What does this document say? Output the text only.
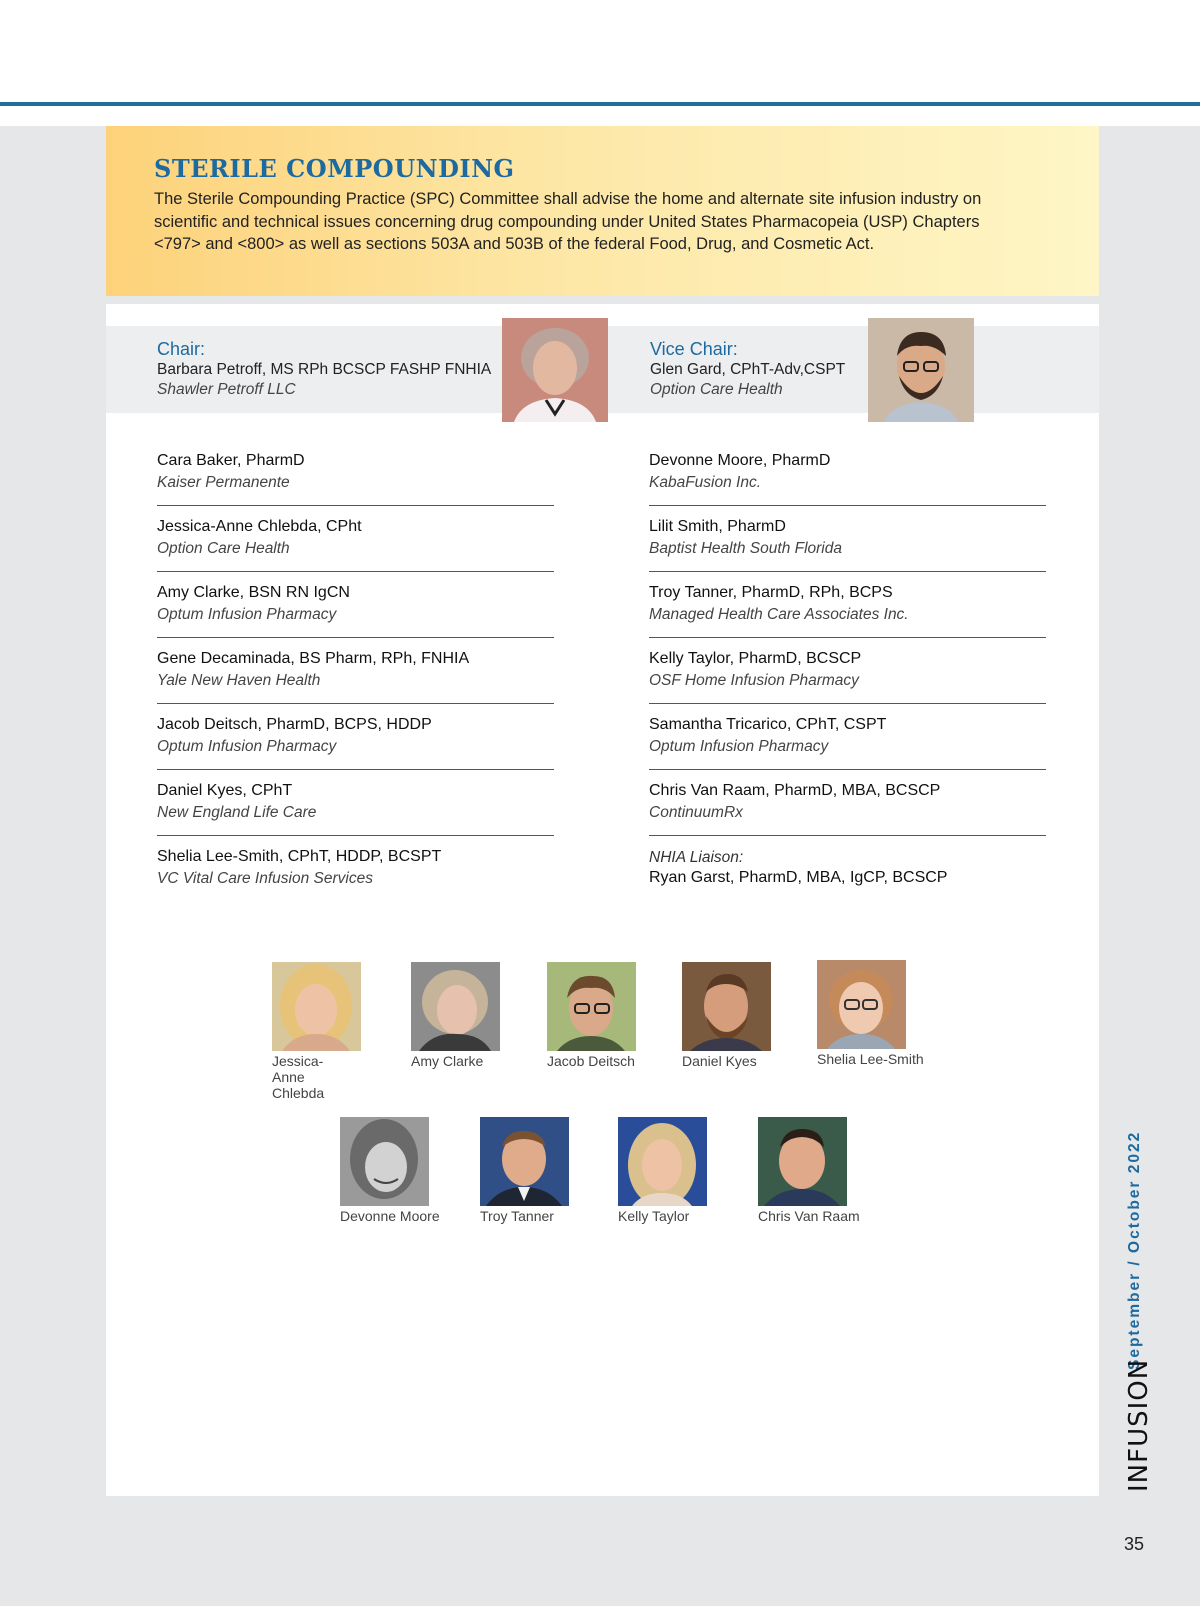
STERILE COMPOUNDING

The Sterile Compounding Practice (SPC) Committee shall advise the home and alternate site infusion industry on scientific and technical issues concerning drug compounding under United States Pharmacopeia (USP) Chapters <797> and <800> as well as sections 503A and 503B of the federal Food, Drug, and Cosmetic Act.

Chair:

Barbara Petroff, MS RPh BCSCP FASHP FNHIA

Shawler Petroff LLC

Vice Chair:

Glen Gard, CPhT-Adv,CSPT

Option Care Health

Cara Baker, PharmD

Kaiser Permanente

Jessica-Anne Chlebda, CPht

Option Care Health

Amy Clarke, BSN RN IgCN

Optum Infusion Pharmacy

Gene Decaminada, BS Pharm, RPh, FNHIA

Yale New Haven Health

Jacob Deitsch, PharmD, BCPS, HDDP

Optum Infusion Pharmacy

Daniel Kyes, CPhT

New England Life Care

Shelia Lee-Smith, CPhT, HDDP, BCSPT

VC Vital Care Infusion Services

Devonne Moore, PharmD

KabaFusion Inc.

Lilit Smith, PharmD

Baptist Health South Florida

Troy Tanner, PharmD, RPh, BCPS

Managed Health Care Associates Inc.

Kelly Taylor, PharmD, BCSCP

OSF Home Infusion Pharmacy

Samantha Tricarico, CPhT, CSPT

Optum Infusion Pharmacy

Chris Van Raam, PharmD, MBA, BCSCP

ContinuumRx

NHIA Liaison:

Ryan Garst, PharmD, MBA, IgCP, BCSCP

Jessica-Anne Chlebda
Amy Clarke	Jacob Deitsch	Daniel Kyes	Shelia Lee-Smith
Devonne Moore	Troy Tanner	Kelly Taylor	Chris Van Raam	September / October 2022
INFUSION
35
